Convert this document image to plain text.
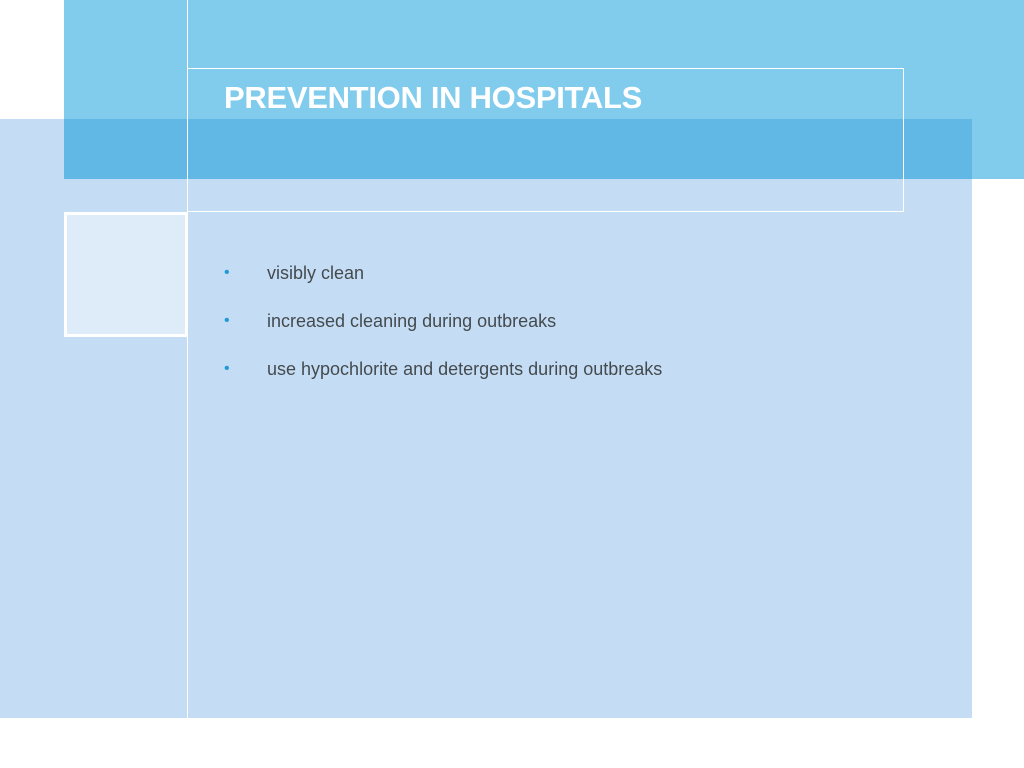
PREVENTION IN HOSPITALS
• visibly clean
• increased cleaning during outbreaks
• use hypochlorite and detergents during outbreaks
